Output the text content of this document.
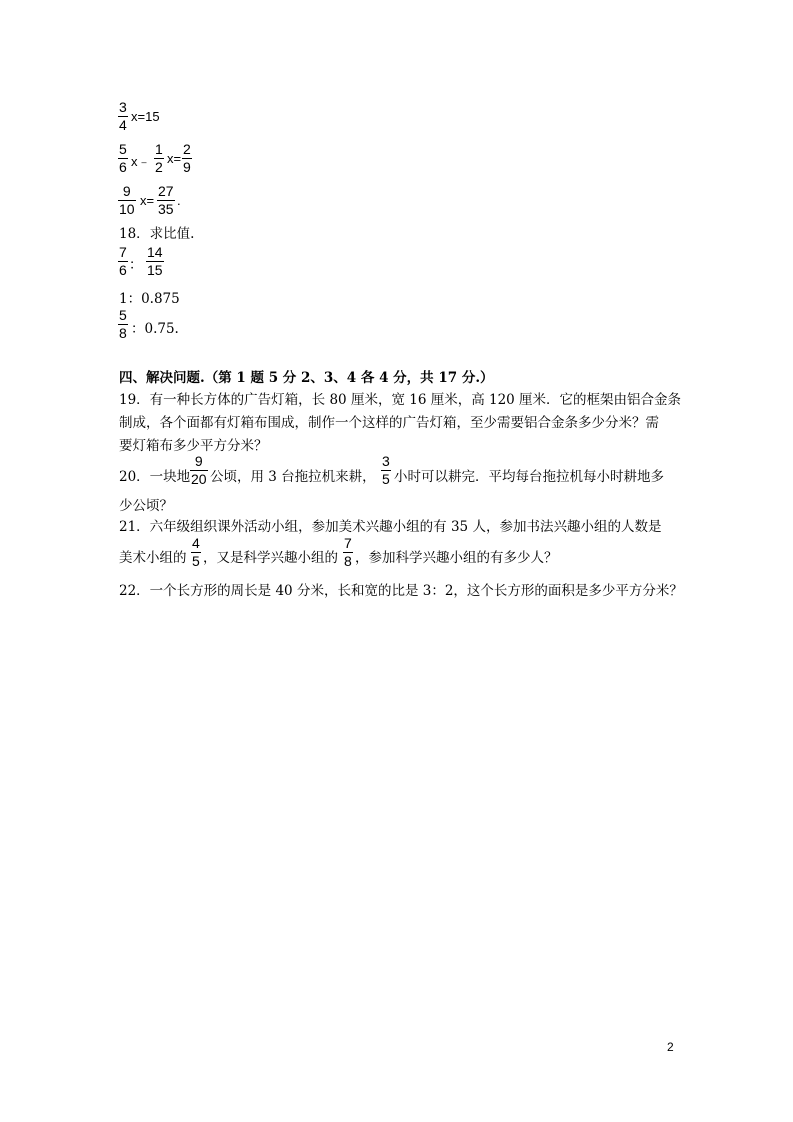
3
4
x=15
5
6 x﹣
1
2
x=
2
9
9
10
x=
27
35
.
18．求比值.
7
6 ：
14
15
1：0.875
5
8 ：0.75.
四、解决问题.（第 1 题 5 分 2、3、4 各 4 分，共 17 分.）
19．有一种长方体的广告灯箱，长 80 厘米，宽 16 厘米，高 120 厘米．它的框架由铝合金条
制成，各个面都有灯箱布围成，制作一个这样的广告灯箱，至少需要铝合金条多少分米？需
要灯箱布多少平方分米？
20．一块地
9
20 公顷，用 3 台拖拉机来耕，
3
5 小时可以耕完．平均每台拖拉机每小时耕地多
少公顷？
21．六年级组织课外活动小组，参加美术兴趣小组的有 35 人，参加书法兴趣小组的人数是
美术小组的
4
5 ，又是科学兴趣小组的
7
8 ，参加科学兴趣小组的有多少人？
22．一个长方形的周长是 40 分米，长和宽的比是 3：2，这个长方形的面积是多少平方分米？
2
